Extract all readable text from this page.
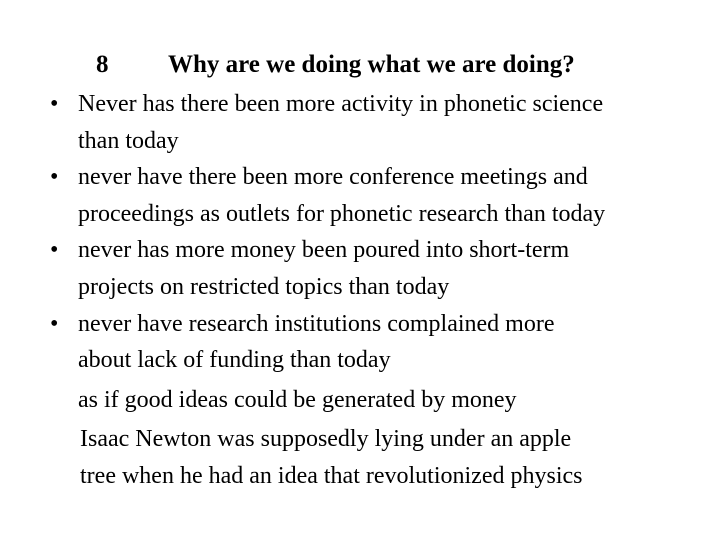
8 Why are we doing what we are doing?
• Never has there been more activity in phonetic science
than today
• never have there been more conference meetings and
proceedings as outlets for phonetic research than today
• never has more money been poured into short-term
projects on restricted topics than today
• never have research institutions complained more
about lack of funding than today
as if good ideas could be generated by money
Isaac Newton was supposedly lying under an apple
tree when he had an idea that revolutionized physics
